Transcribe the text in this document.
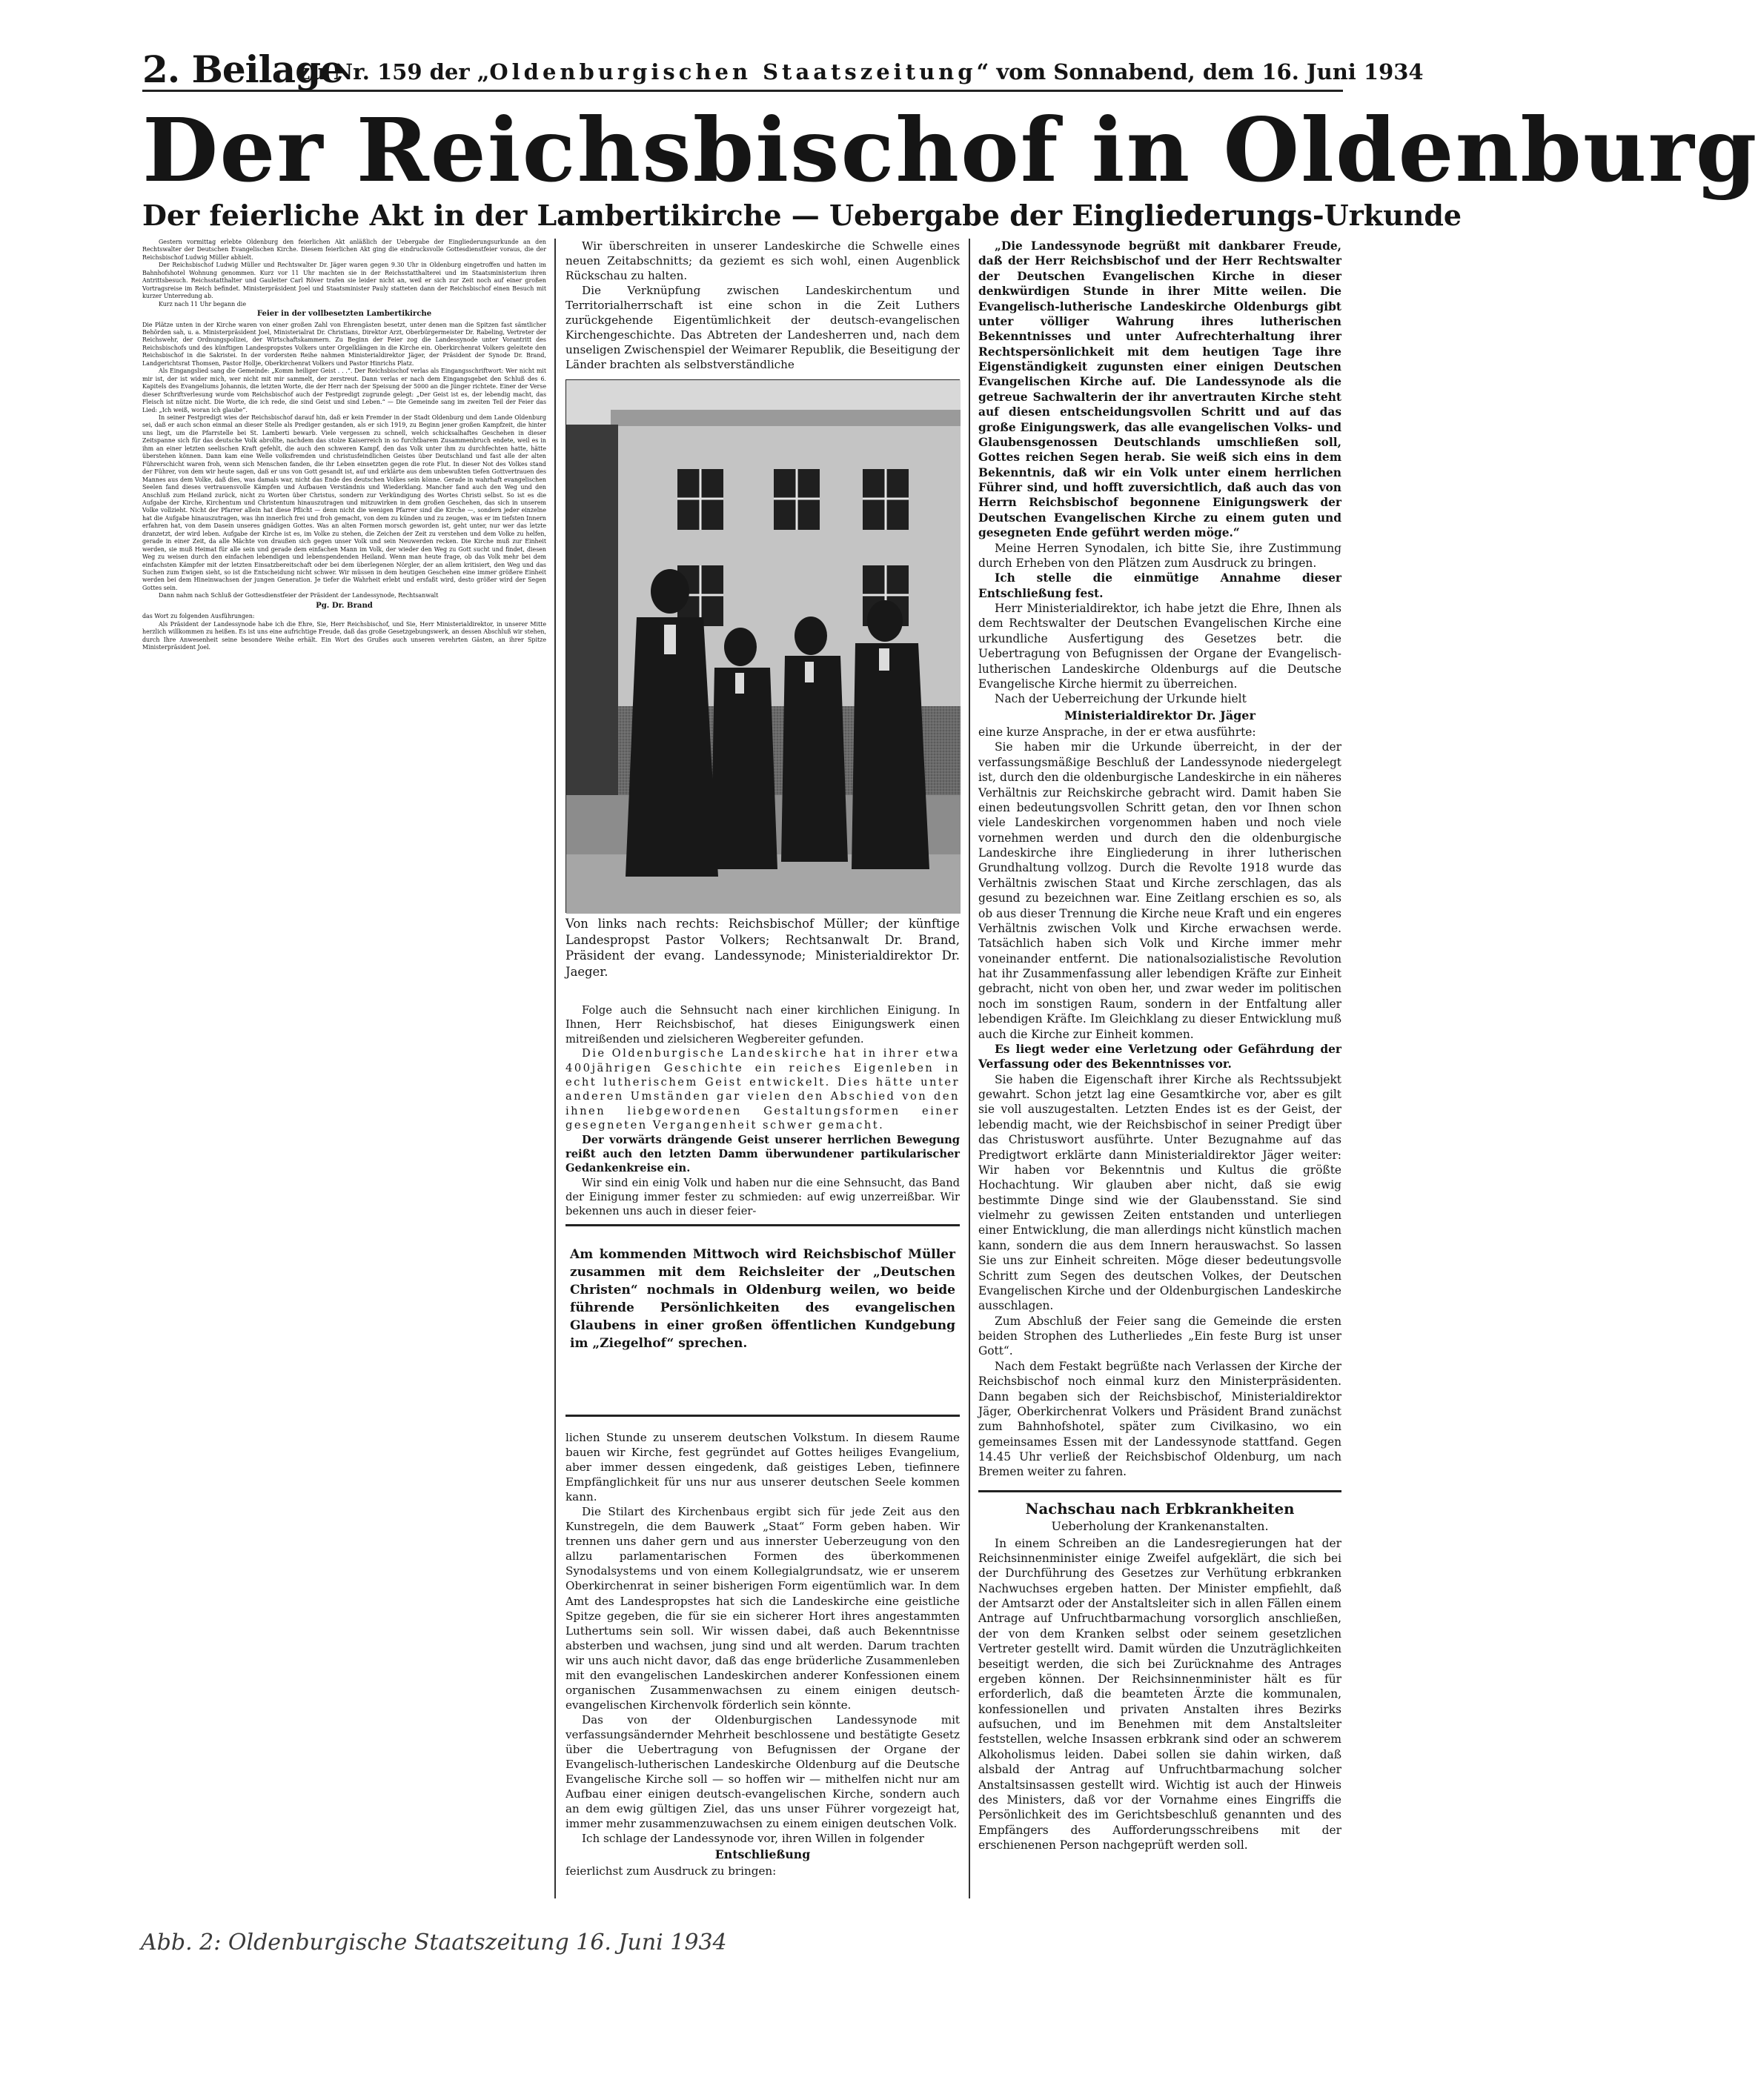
2. Beilage
zu Nr. 159 der „Oldenburgischen Staatszeitung“ vom Sonnabend, dem 16. Juni 1934
Der Reichsbischof in Oldenburg
Der feierliche Akt in der Lambertikirche — Uebergabe der Eingliederungs-Urkunde

Gestern vormittag erlebte Oldenburg den feierlichen Akt anläßlich der Uebergabe der Eingliederungsurkunde an den Rechtswalter der Deutschen Evangelischen Kirche. Diesem feierlichen Akt ging die eindrucksvolle Gottesdienstfeier voraus, die der Reichsbischof Ludwig Müller abhielt.

Der Reichsbischof Ludwig Müller und Rechtswalter Dr. Jäger waren gegen 9.30 Uhr in Oldenburg eingetroffen und hatten im Bahnhofshotel Wohnung genommen. Kurz vor 11 Uhr machten sie in der Reichsstatthalterei und im Staatsministerium ihren Antrittsbesuch. Reichsstatthalter und Gauleiter Carl Röver trafen sie leider nicht an, weil er sich zur Zeit noch auf einer großen Vortragsreise im Reich befindet. Ministerpräsident Joel und Staatsminister Pauly statteten dann der Reichsbischof einen Besuch mit kurzer Unterredung ab.

Kurz nach 11 Uhr begann die

Feier in der vollbesetzten Lambertikirche

Die Plätze unten in der Kirche waren von einer großen Zahl von Ehrengästen besetzt, unter denen man die Spitzen fast sämtlicher Behörden sah, u. a. Ministerpräsident Joel, Ministerialrat Dr. Christians, Direktor Arzt, Oberbürgermeister Dr. Rabeling, Vertreter der Reichswehr, der Ordnungspolizei, der Wirtschaftskammern. Zu Beginn der Feier zog die Landessynode unter Vorantritt des Reichsbischofs und des künftigen Landespropstes Volkers unter Orgelklängen in die Kirche ein. Oberkirchenrat Volkers geleitete den Reichsbischof in die Sakristei. In der vordersten Reihe nahmen Ministerialdirektor Jäger, der Präsident der Synode Dr. Brand, Landgerichtsrat Thomsen, Pastor Hollje, Oberkirchenrat Volkers und Pastor Hinrichs Platz.

Als Eingangslied sang die Gemeinde: „Komm heiliger Geist . . .“. Der Reichsbischof verlas als Eingangsschriftwort: Wer nicht mit mir ist, der ist wider mich, wer nicht mit mir sammelt, der zerstreut. Dann verlas er nach dem Eingangsgebet den Schluß des 6. Kapitels des Evangeliums Johannis, die letzten Worte, die der Herr nach der Speisung der 5000 an die Jünger richtete. Einer der Verse dieser Schriftverlesung wurde vom Reichsbischof auch der Festpredigt zugrunde gelegt: „Der Geist ist es, der lebendig macht, das Fleisch ist nütze nicht. Die Worte, die ich rede, die sind Geist und sind Leben.“ — Die Gemeinde sang im zweiten Teil der Feier das Lied: „Ich weiß, woran ich glaube“.

In seiner Festpredigt wies der Reichsbischof darauf hin, daß er kein Fremder in der Stadt Oldenburg und dem Lande Oldenburg sei, daß er auch schon einmal an dieser Stelle als Prediger gestanden, als er sich 1919, zu Beginn jener großen Kampfzeit, die hinter uns liegt, um die Pfarrstelle bei St. Lamberti bewarb. Viele vergessen zu schnell, welch schicksalhaftes Geschehen in dieser Zeitspanne sich für das deutsche Volk abrollte, nachdem das stolze Kaiserreich in so furchtbarem Zusammenbruch endete, weil es in ihm an einer letzten seelischen Kraft gefehlt, die auch den schweren Kampf, den das Volk unter ihm zu durchfechten hatte, hätte überstehen können. Dann kam eine Welle volksfremden und christusfeindlichen Geistes über Deutschland und fast alle der alten Führerschicht waren froh, wenn sich Menschen fanden, die ihr Leben einsetzten gegen die rote Flut. In dieser Not des Volkes stand der Führer, von dem wir heute sagen, daß er uns von Gott gesandt ist, auf und erklärte aus dem unbewußten tiefen Gottvertrauen des Mannes aus dem Volke, daß dies, was damals war, nicht das Ende des deutschen Volkes sein könne. Gerade in wahrhaft evangelischen Seelen fand dieses vertrauensvolle Kämpfen und Aufbauen Verständnis und Wiederklang. Mancher fand auch den Weg und den Anschluß zum Heiland zurück, nicht zu Worten über Christus, sondern zur Verkündigung des Wortes Christi selbst. So ist es die Aufgabe der Kirche, Kirchentum und Christentum hinauszutragen und mitzuwirken in dem großen Geschehen, das sich in unserem Volke vollzieht. Nicht der Pfarrer allein hat diese Pflicht — denn nicht die wenigen Pfarrer sind die Kirche —, sondern jeder einzelne hat die Aufgabe hinauszutragen, was ihn innerlich frei und froh gemacht, von dem zu künden und zu zeugen, was er im tiefsten Innern erfahren hat, von dem Dasein unseres gnädigen Gottes. Was an alten Formen morsch geworden ist, geht unter, nur wer das letzte dranzetzt, der wird leben. Aufgabe der Kirche ist es, im Volke zu stehen, die Zeichen der Zeit zu verstehen und dem Volke zu helfen, gerade in einer Zeit, da alle Mächte von draußen sich gegen unser Volk und sein Neuwerden recken. Die Kirche muß zur Einheit werden, sie muß Heimat für alle sein und gerade dem einfachen Mann im Volk, der wieder den Weg zu Gott sucht und findet, diesen Weg zu weisen durch den einfachen lebendigen und lebenspendenden Heiland. Wenn man heute frage, ob das Volk mehr bei dem einfachsten Kämpfer mit der letzten Einsatzbereitschaft oder bei dem überlegenen Nörgler, der an allem kritisiert, den Weg und das Suchen zum Ewigen sieht, so ist die Entscheidung nicht schwer. Wir müssen in dem heutigen Geschehen eine immer größere Einheit werden bei dem Hineinwachsen der jungen Generation. Je tiefer die Wahrheit erlebt und ersfaßt wird, desto größer wird der Segen Gottes sein.

Dann nahm nach Schluß der Gottesdienstfeier der Präsident der Landessynode, Rechtsanwalt

Pg. Dr. Brand

das Wort zu folgenden Ausführungen:

Als Präsident der Landessynode habe ich die Ehre, Sie, Herr Reichsbischof, und Sie, Herr Ministerialdirektor, in unserer Mitte herzlich willkommen zu heißen. Es ist uns eine aufrichtige Freude, daß das große Gesetzgebungswerk, an dessen Abschluß wir stehen, durch Ihre Anwesenheit seine besondere Weihe erhält. Ein Wort des Grußes auch unseren verehrten Gästen, an ihrer Spitze Ministerpräsident Joel.

Wir überschreiten in unserer Landeskirche die Schwelle eines neuen Zeitabschnitts; da geziemt es sich wohl, einen Augenblick Rückschau zu halten.

Die Verknüpfung zwischen Landeskirchentum und Territorialherrschaft ist eine schon in die Zeit Luthers zurückgehende Eigentümlichkeit der deutsch-evangelischen Kirchengeschichte. Das Abtreten der Landesherren und, nach dem unseligen Zwischenspiel der Weimarer Republik, die Beseitigung der Länder brachten als selbstverständliche

Von links nach rechts: Reichsbischof Müller; der künftige Landespropst Pastor Volkers; Rechtsanwalt Dr. Brand, Präsident der evang. Landessynode; Ministerialdirektor Dr. Jaeger.

Folge auch die Sehnsucht nach einer kirchlichen Einigung. In Ihnen, Herr Reichsbischof, hat dieses Einigungswerk einen mitreißenden und zielsicheren Wegbereiter gefunden.

Die Oldenburgische Landeskirche hat in ihrer etwa 400jährigen Geschichte ein reiches Eigenleben in echt lutherischem Geist entwickelt. Dies hätte unter anderen Umständen gar vielen den Abschied von den ihnen liebgewordenen Gestaltungsformen einer gesegneten Vergangenheit schwer gemacht.

Der vorwärts drängende Geist unserer herrlichen Bewegung reißt auch den letzten Damm überwundener partikularischer Gedankenkreise ein.

Wir sind ein einig Volk und haben nur die eine Sehnsucht, das Band der Einigung immer fester zu schmieden: auf ewig unzerreißbar. Wir bekennen uns auch in dieser feier-

Am kommenden Mittwoch wird Reichsbischof Müller zusammen mit dem Reichsleiter der „Deutschen Christen“ nochmals in Oldenburg weilen, wo beide führende Persönlichkeiten des evangelischen Glaubens in einer großen öffentlichen Kundgebung im „Ziegelhof“ sprechen.

lichen Stunde zu unserem deutschen Volkstum. In diesem Raume bauen wir Kirche, fest gegründet auf Gottes heiliges Evangelium, aber immer dessen eingedenk, daß geistiges Leben, tiefinnere Empfänglichkeit für uns nur aus unserer deutschen Seele kommen kann.

Die Stilart des Kirchenbaus ergibt sich für jede Zeit aus den Kunstregeln, die dem Bauwerk „Staat“ Form geben haben. Wir trennen uns daher gern und aus innerster Ueberzeugung von den allzu parlamentarischen Formen des überkommenen Synodalsystems und von einem Kollegialgrundsatz, wie er unserem Oberkirchenrat in seiner bisherigen Form eigentümlich war. In dem Amt des Landespropstes hat sich die Landeskirche eine geistliche Spitze gegeben, die für sie ein sicherer Hort ihres angestammten Luthertums sein soll. Wir wissen dabei, daß auch Bekenntnisse absterben und wachsen, jung sind und alt werden. Darum trachten wir uns auch nicht davor, daß das enge brüderliche Zusammenleben mit den evangelischen Landeskirchen anderer Konfessionen einem organischen Zusammenwachsen zu einem einigen deutsch-evangelischen Kirchenvolk förderlich sein könnte.

Das von der Oldenburgischen Landessynode mit verfassungsändernder Mehrheit beschlossene und bestätigte Gesetz über die Uebertragung von Befugnissen der Organe der Evangelisch-lutherischen Landeskirche Oldenburg auf die Deutsche Evangelische Kirche soll — so hoffen wir — mithelfen nicht nur am Aufbau einer einigen deutsch-evangelischen Kirche, sondern auch an dem ewig gültigen Ziel, das uns unser Führer vorgezeigt hat, immer mehr zusammenzuwachsen zu einem einigen deutschen Volk.

Ich schlage der Landessynode vor, ihren Willen in folgender

Entschließung

feierlichst zum Ausdruck zu bringen:

„Die Landessynode begrüßt mit dankbarer Freude, daß der Herr Reichsbischof und der Herr Rechtswalter der Deutschen Evangelischen Kirche in dieser denkwürdigen Stunde in ihrer Mitte weilen. Die Evangelisch-lutherische Landeskirche Oldenburgs gibt unter völliger Wahrung ihres lutherischen Bekenntnisses und unter Aufrechterhaltung ihrer Rechtspersönlichkeit mit dem heutigen Tage ihre Eigenständigkeit zugunsten einer einigen Deutschen Evangelischen Kirche auf. Die Landessynode als die getreue Sachwalterin der ihr anvertrauten Kirche steht auf diesen entscheidungsvollen Schritt und auf das große Einigungswerk, das alle evangelischen Volks- und Glaubensgenossen Deutschlands umschließen soll, Gottes reichen Segen herab. Sie weiß sich eins in dem Bekenntnis, daß wir ein Volk unter einem herrlichen Führer sind, und hofft zuversichtlich, daß auch das von Herrn Reichsbischof begonnene Einigungswerk der Deutschen Evangelischen Kirche zu einem guten und gesegneten Ende geführt werden möge.“

Meine Herren Synodalen, ich bitte Sie, ihre Zustimmung durch Erheben von den Plätzen zum Ausdruck zu bringen.

Ich stelle die einmütige Annahme dieser Entschließung fest.

Herr Ministerialdirektor, ich habe jetzt die Ehre, Ihnen als dem Rechtswalter der Deutschen Evangelischen Kirche eine urkundliche Ausfertigung des Gesetzes betr. die Uebertragung von Befugnissen der Organe der Evangelisch-lutherischen Landeskirche Oldenburgs auf die Deutsche Evangelische Kirche hiermit zu überreichen.

Nach der Ueberreichung der Urkunde hielt

Ministerialdirektor Dr. Jäger

eine kurze Ansprache, in der er etwa ausführte:

Sie haben mir die Urkunde überreicht, in der der verfassungsmäßige Beschluß der Landessynode niedergelegt ist, durch den die oldenburgische Landeskirche in ein näheres Verhältnis zur Reichskirche gebracht wird. Damit haben Sie einen bedeutungsvollen Schritt getan, den vor Ihnen schon viele Landeskirchen vorgenommen haben und noch viele vornehmen werden und durch den die oldenburgische Landeskirche ihre Eingliederung in ihrer lutherischen Grundhaltung vollzog. Durch die Revolte 1918 wurde das Verhältnis zwischen Staat und Kirche zerschlagen, das als gesund zu bezeichnen war. Eine Zeitlang erschien es so, als ob aus dieser Trennung die Kirche neue Kraft und ein engeres Verhältnis zwischen Volk und Kirche erwachsen werde. Tatsächlich haben sich Volk und Kirche immer mehr voneinander entfernt. Die nationalsozialistische Revolution hat ihr Zusammenfassung aller lebendigen Kräfte zur Einheit gebracht, nicht von oben her, und zwar weder im politischen noch im sonstigen Raum, sondern in der Entfaltung aller lebendigen Kräfte. Im Gleichklang zu dieser Entwicklung muß auch die Kirche zur Einheit kommen.

Es liegt weder eine Verletzung oder Gefährdung der Verfassung oder des Bekenntnisses vor.

Sie haben die Eigenschaft ihrer Kirche als Rechtssubjekt gewahrt. Schon jetzt lag eine Gesamtkirche vor, aber es gilt sie voll auszugestalten. Letzten Endes ist es der Geist, der lebendig macht, wie der Reichsbischof in seiner Predigt über das Christuswort ausführte. Unter Bezugnahme auf das Predigtwort erklärte dann Ministerialdirektor Jäger weiter: Wir haben vor Bekenntnis und Kultus die größte Hochachtung. Wir glauben aber nicht, daß sie ewig bestimmte Dinge sind wie der Glaubensstand. Sie sind vielmehr zu gewissen Zeiten entstanden und unterliegen einer Entwicklung, die man allerdings nicht künstlich machen kann, sondern die aus dem Innern herauswachst. So lassen Sie uns zur Einheit schreiten. Möge dieser bedeutungsvolle Schritt zum Segen des deutschen Volkes, der Deutschen Evangelischen Kirche und der Oldenburgischen Landeskirche ausschlagen.

Zum Abschluß der Feier sang die Gemeinde die ersten beiden Strophen des Lutherliedes „Ein feste Burg ist unser Gott“.

Nach dem Festakt begrüßte nach Verlassen der Kirche der Reichsbischof noch einmal kurz den Ministerpräsidenten. Dann begaben sich der Reichsbischof, Ministerialdirektor Jäger, Oberkirchenrat Volkers und Präsident Brand zunächst zum Bahnhofshotel, später zum Civilkasino, wo ein gemeinsames Essen mit der Landessynode stattfand. Gegen 14.45 Uhr verließ der Reichsbischof Oldenburg, um nach Bremen weiter zu fahren.

Nachschau nach Erbkrankheiten
Ueberholung der Krankenanstalten.

In einem Schreiben an die Landesregierungen hat der Reichsinnenminister einige Zweifel aufgeklärt, die sich bei der Durchführung des Gesetzes zur Verhütung erbkranken Nachwuchses ergeben hatten. Der Minister empfiehlt, daß der Amtsarzt oder der Anstaltsleiter sich in allen Fällen einem Antrage auf Unfruchtbarmachung vorsorglich anschließen, der von dem Kranken selbst oder seinem gesetzlichen Vertreter gestellt wird. Damit würden die Unzuträglichkeiten beseitigt werden, die sich bei Zurücknahme des Antrages ergeben können. Der Reichsinnenminister hält es für erforderlich, daß die beamteten Ärzte die kommunalen, konfessionellen und privaten Anstalten ihres Bezirks aufsuchen, und im Benehmen mit dem Anstaltsleiter feststellen, welche Insassen erbkrank sind oder an schwerem Alkoholismus leiden. Dabei sollen sie dahin wirken, daß alsbald der Antrag auf Unfruchtbarmachung solcher Anstaltsinsassen gestellt wird. Wichtig ist auch der Hinweis des Ministers, daß vor der Vornahme eines Eingriffs die Persönlichkeit des im Gerichtsbeschluß genannten und des Empfängers des Aufforderungsschreibens mit der erschienenen Person nachgeprüft werden soll.

Abb. 2: Oldenburgische Staatszeitung 16. Juni 1934
